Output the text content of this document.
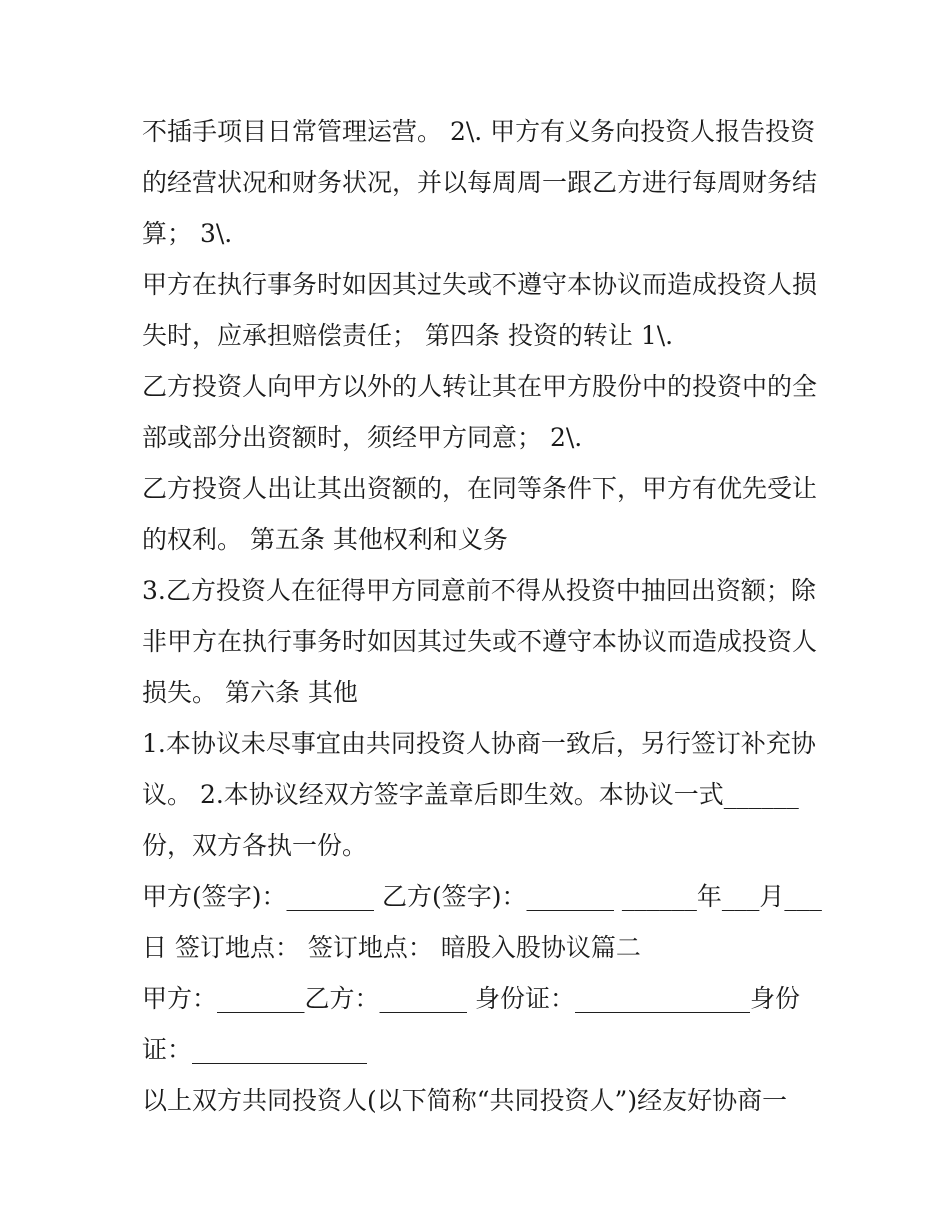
不插手项目日常管理运营。 2\. 甲方有义务向投资人报告投资
的经营状况和财务状况，并以每周周一跟乙方进行每周财务结
算； 3\.
甲方在执行事务时如因其过失或不遵守本协议而造成投资人损
失时，应承担赔偿责任； 第四条 投资的转让 1\.
乙方投资人向甲方以外的人转让其在甲方股份中的投资中的全
部或部分出资额时，须经甲方同意； 2\.
乙方投资人出让其出资额的，在同等条件下，甲方有优先受让
的权利。 第五条 其他权利和义务
3.乙方投资人在征得甲方同意前不得从投资中抽回出资额；除
非甲方在执行事务时如因其过失或不遵守本协议而造成投资人
损失。 第六条 其他
1.本协议未尽事宜由共同投资人协商一致后，另行签订补充协
议。 2.本协议经双方签字盖章后即生效。本协议一式______
份，双方各执一份。
甲方(签字)：_______ 乙方(签字)：_______ ______年___月___
日 签订地点： 签订地点： 暗股入股协议篇二
甲方：_______乙方：_______ 身份证：______________身份
证：______________
以上双方共同投资人(以下简称“共同投资人”)经友好协商一
